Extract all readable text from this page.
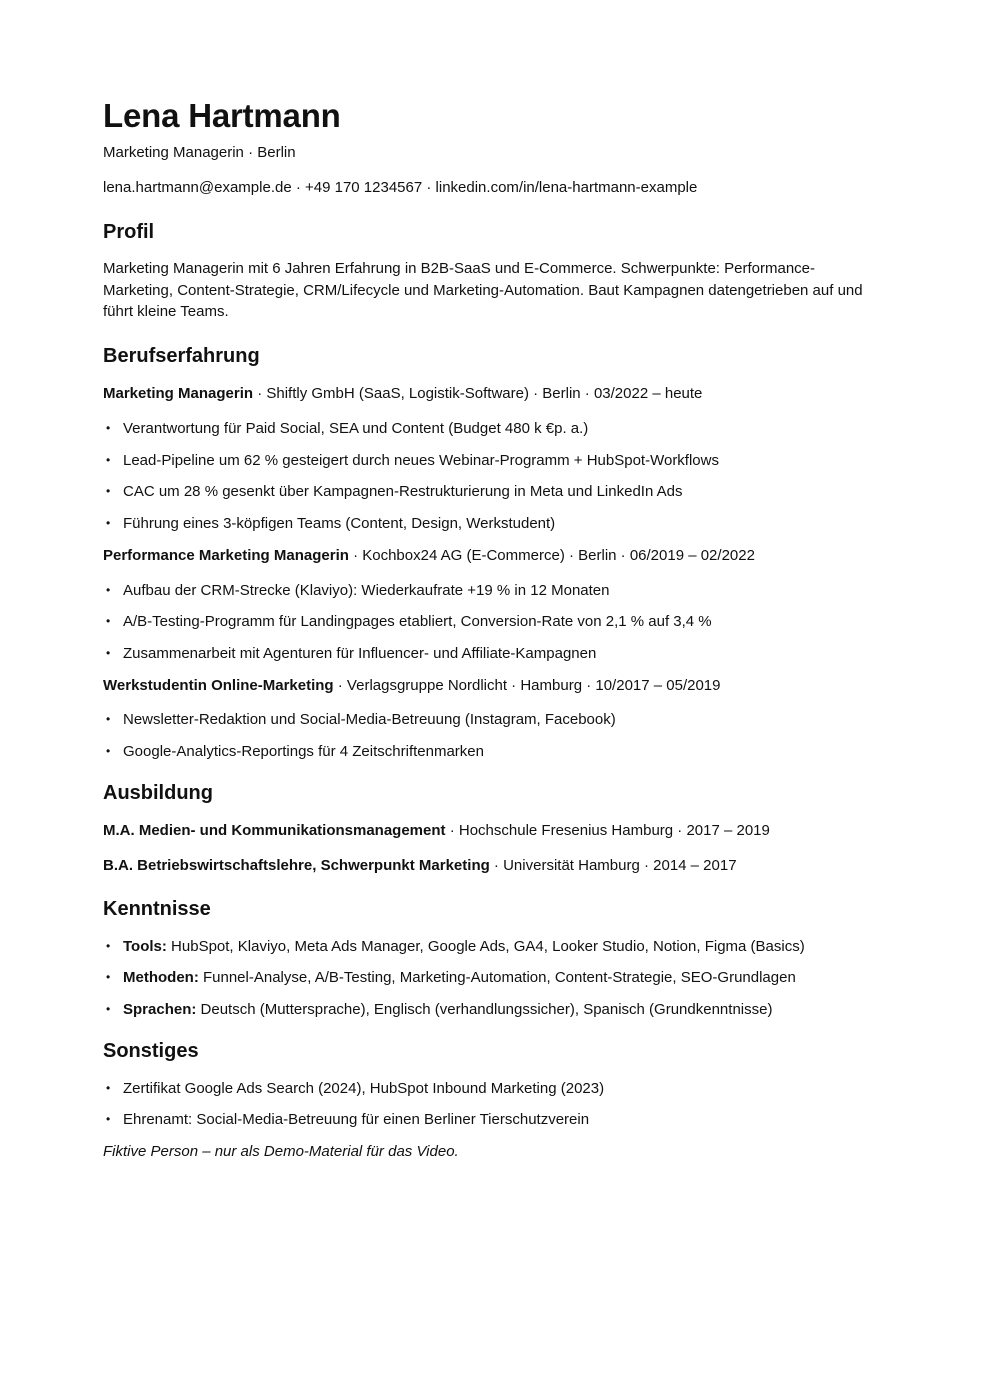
Lena Hartmann
Marketing Managerin · Berlin
lena.hartmann@example.de · +49 170 1234567 · linkedin.com/in/lena-hartmann-example
Profil
Marketing Managerin mit 6 Jahren Erfahrung in B2B-SaaS und E-Commerce. Schwerpunkte: Performance-Marketing, Content-Strategie, CRM/Lifecycle und Marketing-Automation. Baut Kampagnen datengetrieben auf und führt kleine Teams.
Berufserfahrung
Marketing Managerin · Shiftly GmbH (SaaS, Logistik-Software) · Berlin · 03/2022 – heute
• Verantwortung für Paid Social, SEA und Content (Budget 480 k €p. a.)
• Lead-Pipeline um 62 % gesteigert durch neues Webinar-Programm + HubSpot-Workflows
• CAC um 28 % gesenkt über Kampagnen-Restrukturierung in Meta und LinkedIn Ads
• Führung eines 3-köpfigen Teams (Content, Design, Werkstudent)
Performance Marketing Managerin · Kochbox24 AG (E-Commerce) · Berlin · 06/2019 – 02/2022
• Aufbau der CRM-Strecke (Klaviyo): Wiederkaufrate +19 % in 12 Monaten
• A/B-Testing-Programm für Landingpages etabliert, Conversion-Rate von 2,1 % auf 3,4 %
• Zusammenarbeit mit Agenturen für Influencer- und Affiliate-Kampagnen
Werkstudentin Online-Marketing · Verlagsgruppe Nordlicht · Hamburg · 10/2017 – 05/2019
• Newsletter-Redaktion und Social-Media-Betreuung (Instagram, Facebook)
• Google-Analytics-Reportings für 4 Zeitschriftenmarken
Ausbildung
M.A. Medien- und Kommunikationsmanagement · Hochschule Fresenius Hamburg · 2017 – 2019
B.A. Betriebswirtschaftslehre, Schwerpunkt Marketing · Universität Hamburg · 2014 – 2017
Kenntnisse
• Tools: HubSpot, Klaviyo, Meta Ads Manager, Google Ads, GA4, Looker Studio, Notion, Figma (Basics)
• Methoden: Funnel-Analyse, A/B-Testing, Marketing-Automation, Content-Strategie, SEO-Grundlagen
• Sprachen: Deutsch (Muttersprache), Englisch (verhandlungssicher), Spanisch (Grundkenntnisse)
Sonstiges
• Zertifikat Google Ads Search (2024), HubSpot Inbound Marketing (2023)
• Ehrenamt: Social-Media-Betreuung für einen Berliner Tierschutzverein
Fiktive Person – nur als Demo-Material für das Video.
